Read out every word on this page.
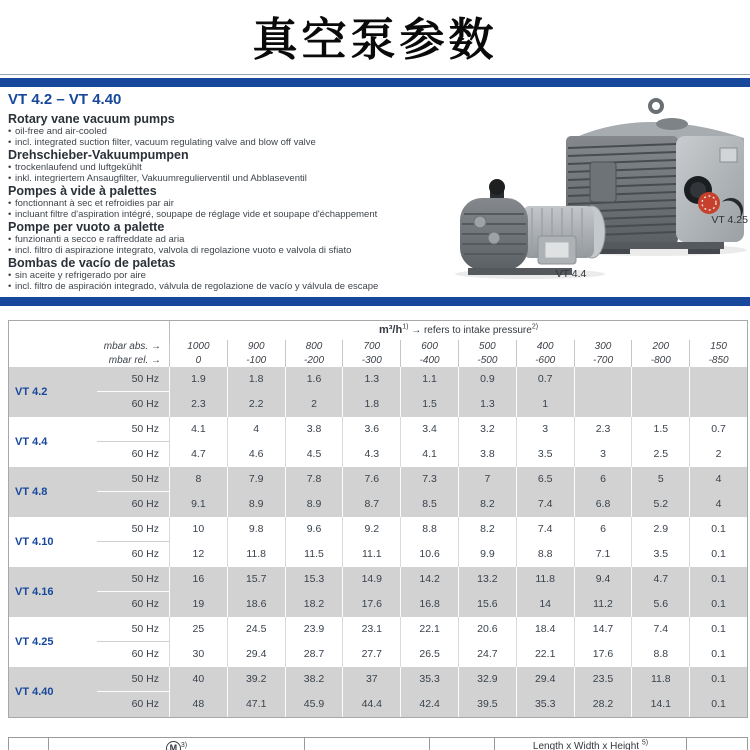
真空泵参数
VT 4.2 – VT 4.40
Rotary vane vacuum pumps
• oil-free and air-cooled
• incl. integrated suction filter, vacuum regulating valve and blow off valve
Drehschieber-Vakuumpumpen
• trockenlaufend und luftgekühlt
• inkl. integriertem Ansaugfilter, Vakuumregulierventil und Abblaseventil
Pompes à vide à palettes
• fonctionnant à sec et refroidies par air
• incluant filtre d'aspiration intégré, soupape de réglage vide et soupape d'échappement
Pompe per vuoto a palette
• funzionanti a secco e raffreddate ad aria
• incl. filtro di aspirazione integrato, valvola di regolazione vuoto e valvola di sfiato
Bombas de vacío de paletas
• sin aceite y refrigerado por aire
• incl. filtro de aspiración integrado, válvula de regolazione de vacío y válvula de escape
VT 4.25
VT 4.4
$m^3/h^{1)}$ → refers to intake pressure$^{2)}$
mbar abs. →	1000	900	800	700	600	500	400	300	200	150
mbar rel. →	0	-100	-200	-300	-400	-500	-600	-700	-800	-850
VT 4.2
50 Hz	1.9	1.8	1.6	1.3	1.1	0.9	0.7
60 Hz	2.3	2.2	2	1.8	1.5	1.3	1
VT 4.4
50 Hz	4.1	4	3.8	3.6	3.4	3.2	3	2.3	1.5	0.7
60 Hz	4.7	4.6	4.5	4.3	4.1	3.8	3.5	3	2.5	2
VT 4.8
50 Hz	8	7.9	7.8	7.6	7.3	7	6.5	6	5	4
60 Hz	9.1	8.9	8.9	8.7	8.5	8.2	7.4	6.8	5.2	4
VT 4.10
50 Hz	10	9.8	9.6	9.2	8.8	8.2	7.4	6	2.9	0.1
60 Hz	12	11.8	11.5	11.1	10.6	9.9	8.8	7.1	3.5	0.1
VT 4.16
50 Hz	16	15.7	15.3	14.9	14.2	13.2	11.8	9.4	4.7	0.1
60 Hz	19	18.6	18.2	17.6	16.8	15.6	14	11.2	5.6	0.1
VT 4.25
50 Hz	25	24.5	23.9	23.1	22.1	20.6	18.4	14.7	7.4	0.1
60 Hz	30	29.4	28.7	27.7	26.5	24.7	22.1	17.6	8.8	0.1
VT 4.40
50 Hz	40	39.2	38.2	37	35.3	32.9	29.4	23.5	11.8	0.1
60 Hz	48	47.1	45.9	44.4	42.4	39.5	35.3	28.2	14.1	0.1
M $^{3)}$	Length x Width x Height $^{5)}$
